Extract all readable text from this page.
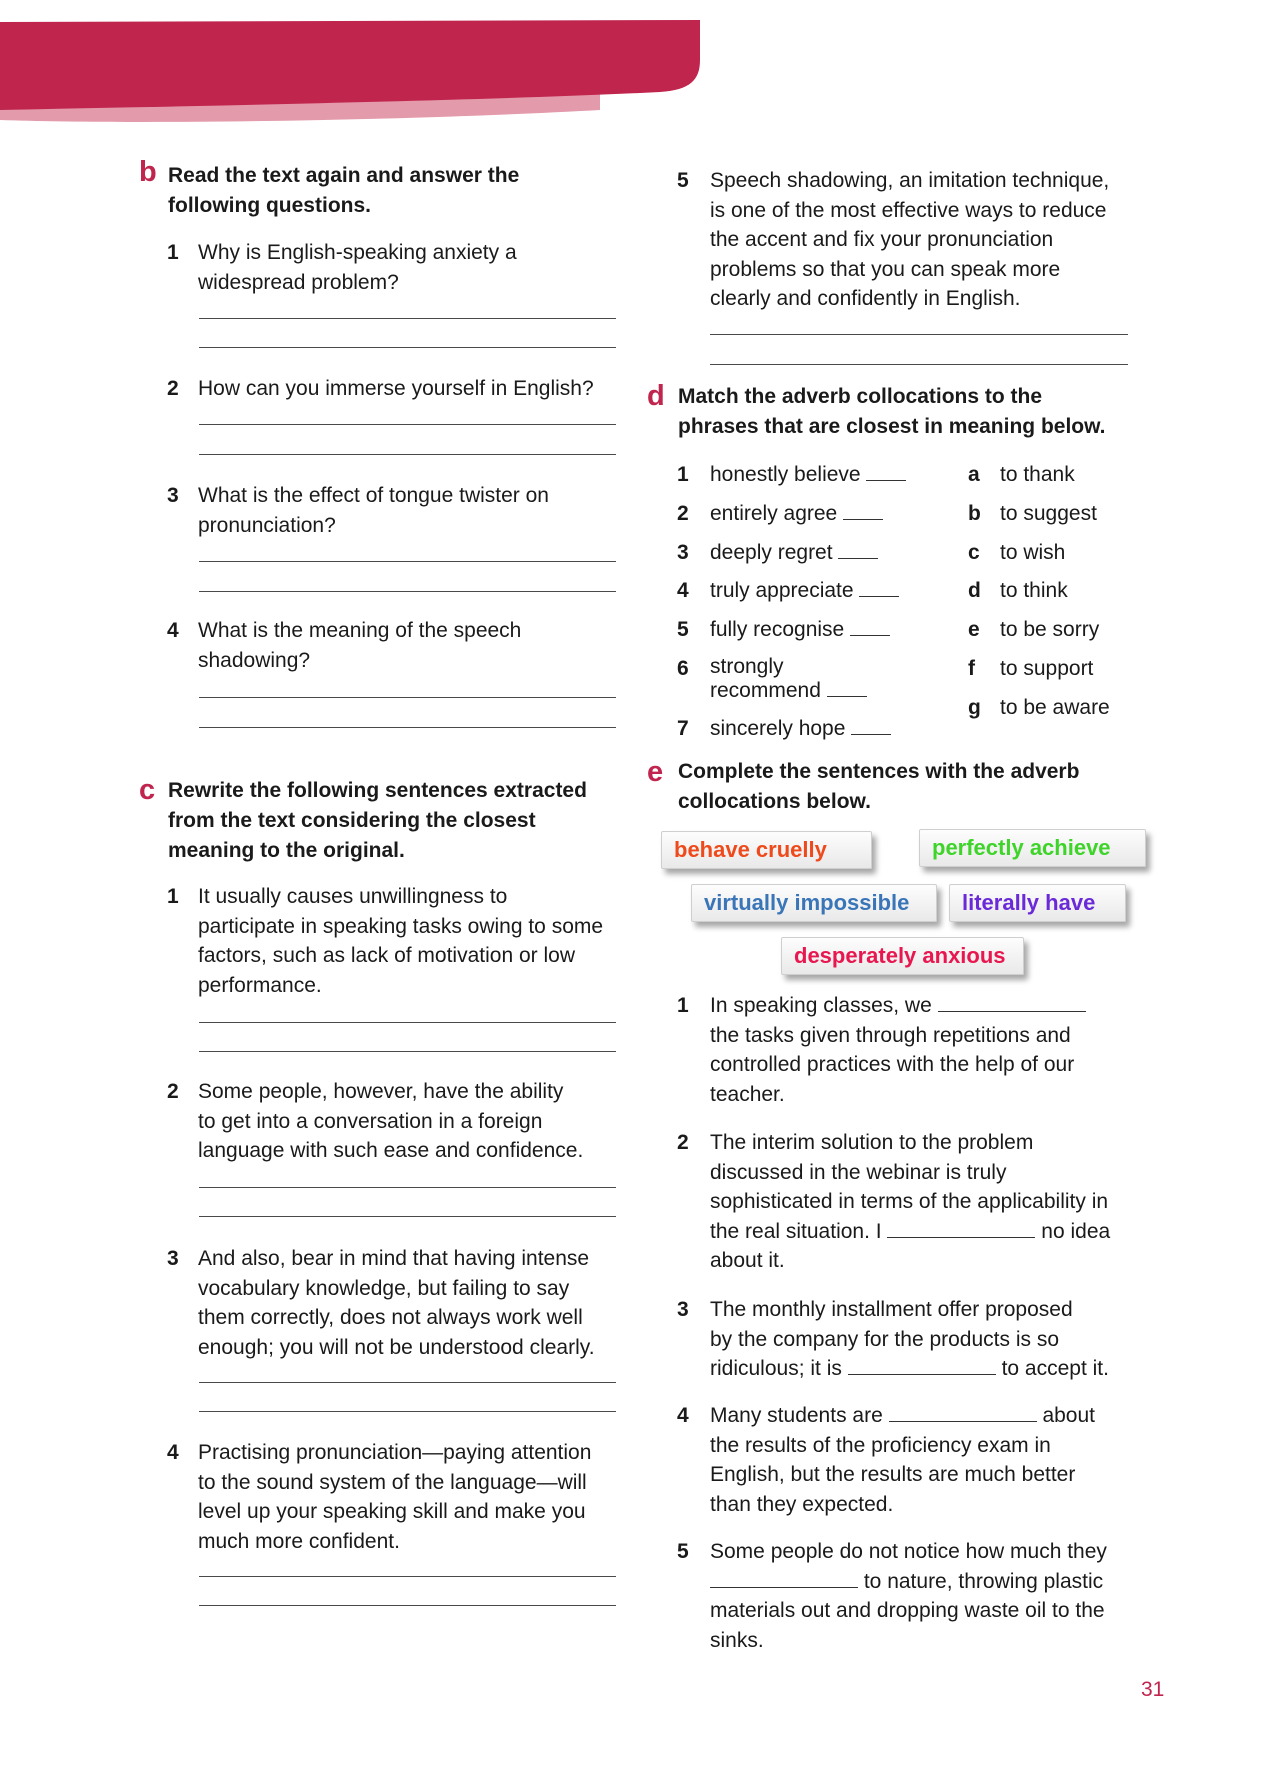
b Read the text again and answer the
following questions.
1 Why is English-speaking anxiety a
widespread problem?
2 How can you immerse yourself in English?
3 What is the effect of tongue twister on
pronunciation?
4 What is the meaning of the speech
shadowing?
5 Speech shadowing, an imitation technique,
is one of the most effective ways to reduce
the accent and fix your pronunciation
problems so that you can speak more
clearly and confidently in English.
c Rewrite the following sentences extracted
from the text considering the closest
meaning to the original.
1 It usually causes unwillingness to
participate in speaking tasks owing to some
factors, such as lack of motivation or low
performance.
2 Some people, however, have the ability
to get into a conversation in a foreign
language with such ease and confidence.
3 And also, bear in mind that having intense
vocabulary knowledge, but failing to say
them correctly, does not always work well
enough; you will not be understood clearly.
4 Practising pronunciation—paying attention
to the sound system of the language—will
level up your speaking skill and make you
much more confident.
d Match the adverb collocations to the
phrases that are closest in meaning below.
1 honestly believe
2 entirely agree
3 deeply regret
4 truly appreciate
5 fully recognise
6 strongly
recommend
7 sincerely hope
a to thank
b to suggest
c to wish
d to think
e to be sorry
f to support
g to be aware
e Complete the sentences with the adverb
collocations below.
behave cruelly	perfectly achieve
virtually impossible	literally have
desperately anxious
1 In speaking classes, we
the tasks given through repetitions and
controlled practices with the help of our
teacher.
2 The interim solution to the problem
discussed in the webinar is truly
sophisticated in terms of the applicability in
the real situation. I	no idea
about it.
3 The monthly installment offer proposed
by the company for the products is so
ridiculous; it is	to accept it.
4 Many students are	about
the results of the proficiency exam in
English, but the results are much better
than they expected.
5 Some people do not notice how much they
to nature, throwing plastic
materials out and dropping waste oil to the
sinks.
31
